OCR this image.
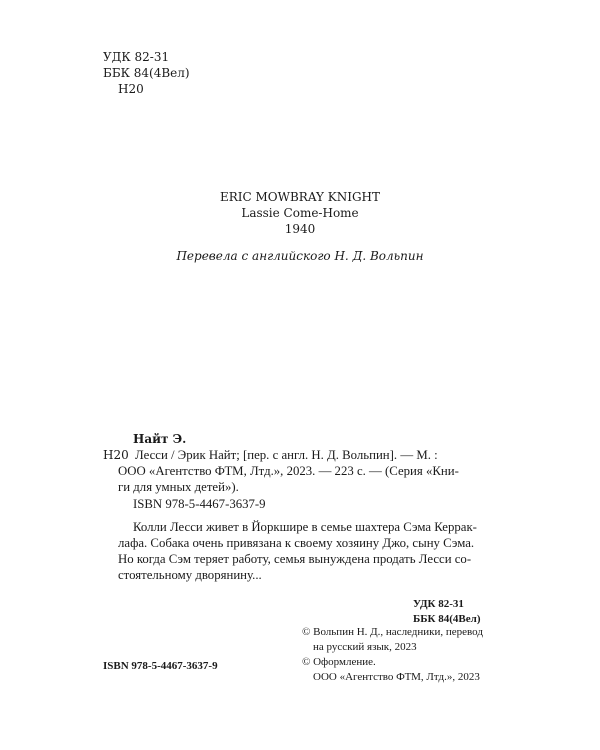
УДК 82-31
ББК 84(4Вел)
Н20
ERIC MOWBRAY KNIGHT
Lassie Come-Home
1940
Перевела с английского Н. Д. Вольпин
Найт Э.
Н20 Лесси / Эрик Найт; [пер. с англ. Н. Д. Вольпин]. — М. :
ООО «Агентство ФТМ, Лтд.», 2023. — 223 с. — (Серия «Кни-
ги для умных детей»).
ISBN 978-5-4467-3637-9
Колли Лесси живет в Йоркшире в семье шахтера Сэма Керрак-
лафа. Собака очень привязана к своему хозяину Джо, сыну Сэма.
Но когда Сэм теряет работу, семья вынуждена продать Лесси со-
стоятельному дворянину...
УДК 82-31
ББК 84(4Вел)
ISBN 978-5-4467-3637-9
© Вольпин Н. Д., наследники, перевод
на русский язык, 2023
© Оформление.
ООО «Агентство ФТМ, Лтд.», 2023
